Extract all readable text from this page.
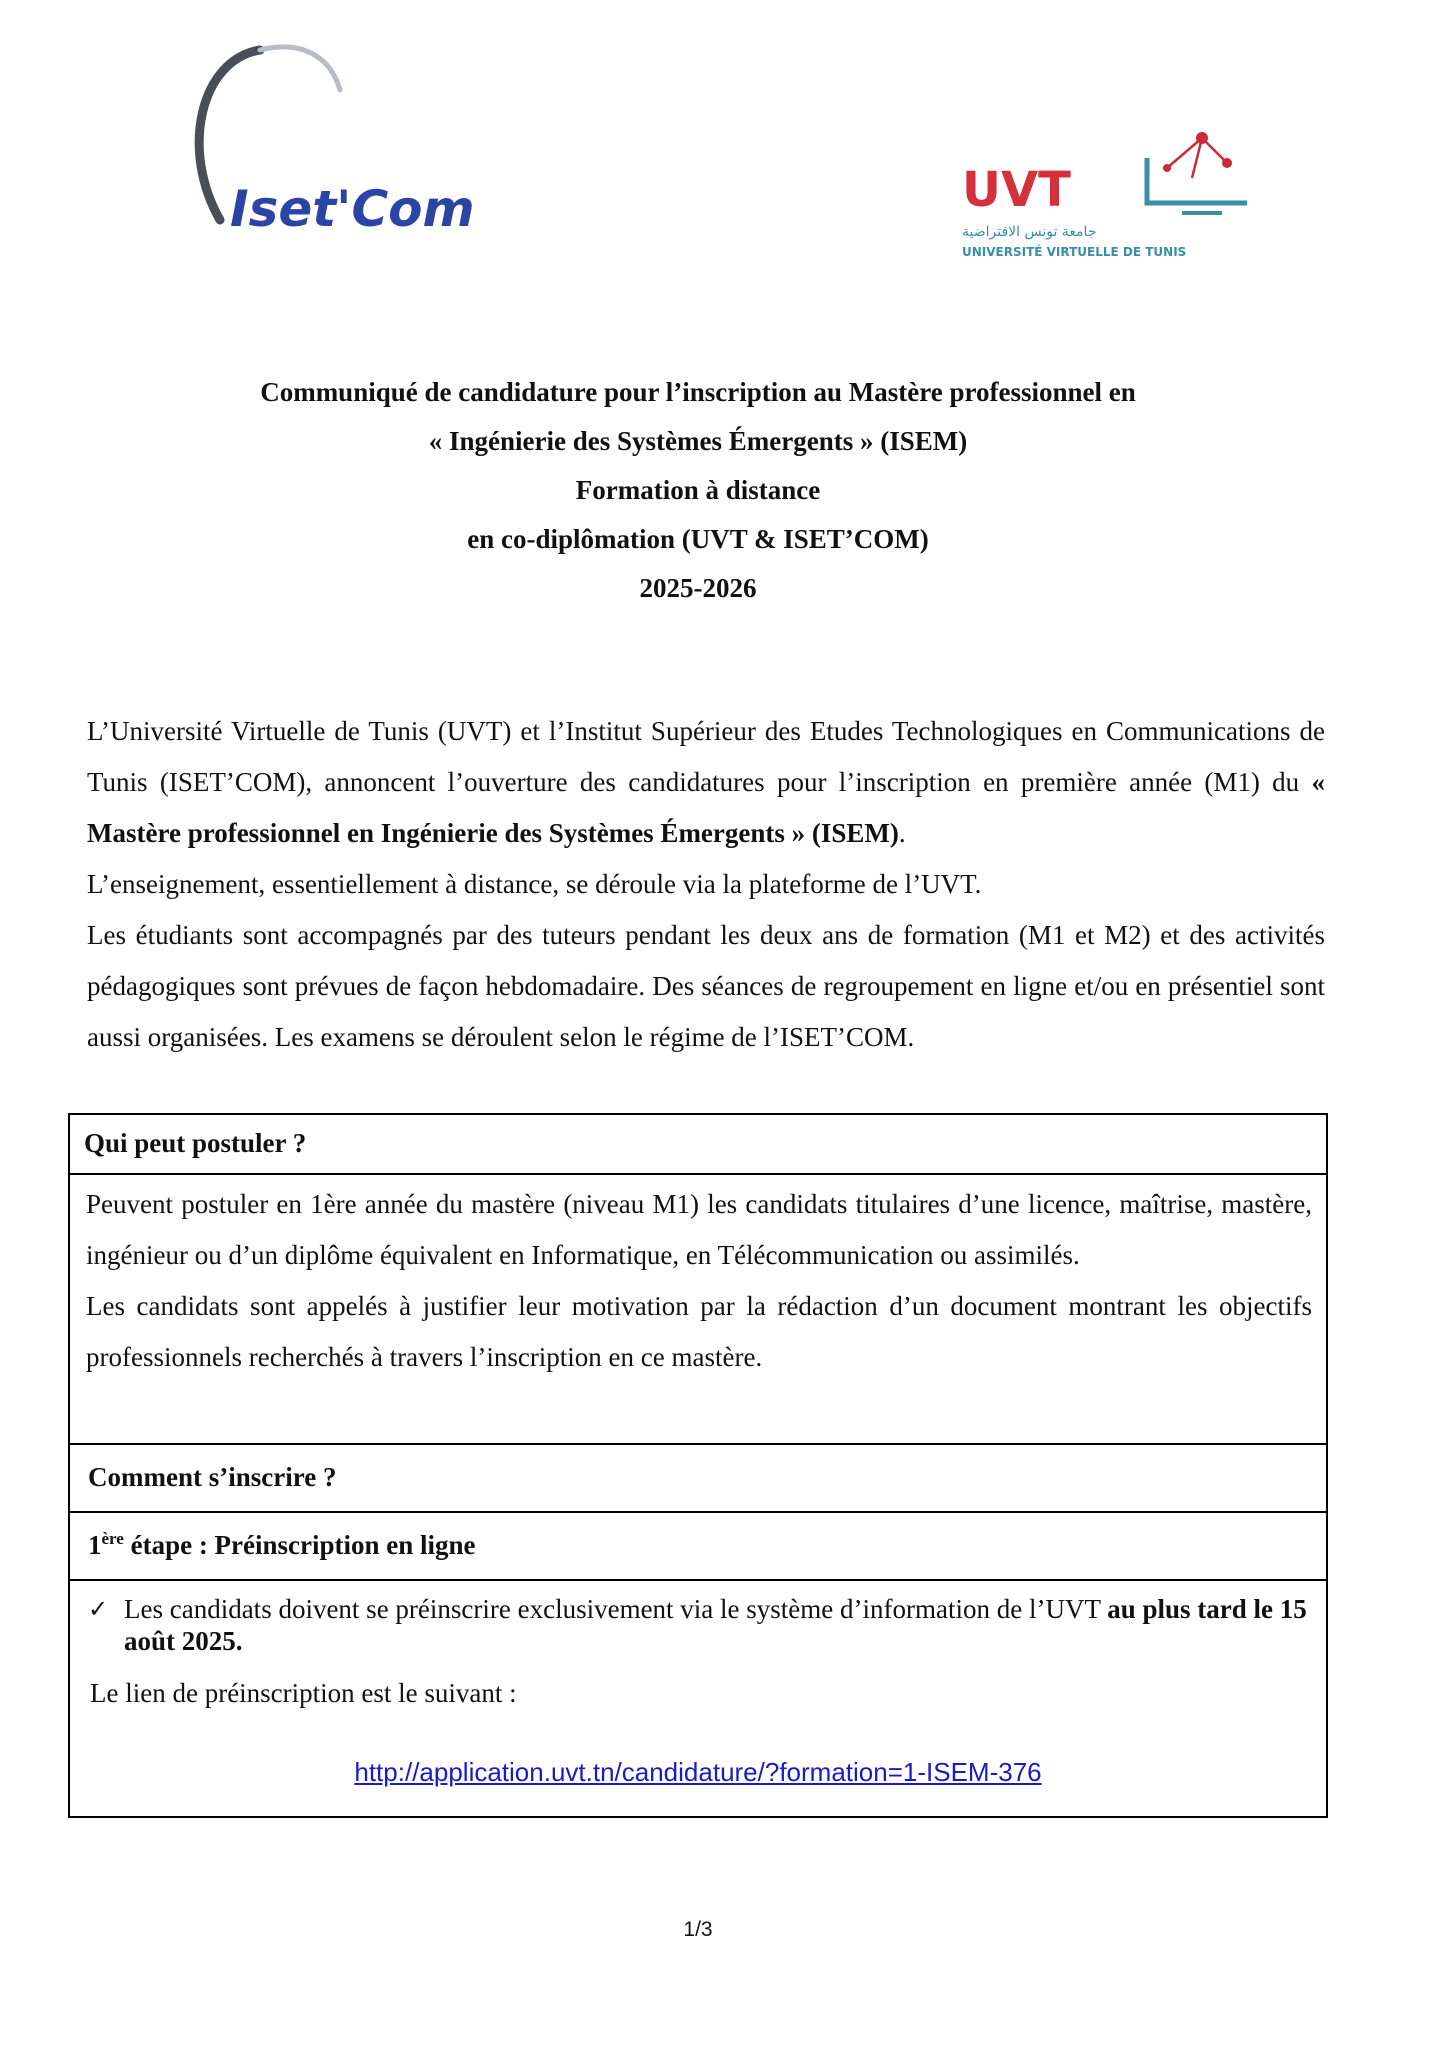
Iset'Com	UVT
جامعة تونس الافتراضية
UNIVERSITÉ VIRTUELLE DE TUNIS
Communiqué de candidature pour l’inscription au Mastère professionnel en
« Ingénierie des Systèmes Émergents » (ISEM)
Formation à distance
en co-diplômation (UVT & ISET’COM)
2025-2026

L’Université Virtuelle de Tunis (UVT) et l’Institut Supérieur des Etudes Technologiques en Communications de Tunis (ISET’COM), annoncent l’ouverture des candidatures pour l’inscription en première année (M1) du « Mastère professionnel en Ingénierie des Systèmes Émergents » (ISEM).

L’enseignement, essentiellement à distance, se déroule via la plateforme de l’UVT.

Les étudiants sont accompagnés par des tuteurs pendant les deux ans de formation (M1 et M2) et des activités pédagogiques sont prévues de façon hebdomadaire. Des séances de regroupement en ligne et/ou en présentiel sont aussi organisées. Les examens se déroulent selon le régime de l’ISET’COM.

Qui peut postuler ?

Peuvent postuler en 1ère année du mastère (niveau M1) les candidats titulaires d’une licence, maîtrise, mastère, ingénieur ou d’un diplôme équivalent en Informatique, en Télécommunication ou assimilés.

Les candidats sont appelés à justifier leur motivation par la rédaction d’un document montrant les objectifs professionnels recherchés à travers l’inscription en ce mastère.

Comment s’inscrire ?
1ère étape : Préinscription en ligne
✓ Les candidats doivent se préinscrire exclusivement via le système d’information de l’UVT au plus tard le 15 août 2025.
Le lien de préinscription est le suivant :
http://application.uvt.tn/candidature/?formation=1-ISEM-376
1/3
